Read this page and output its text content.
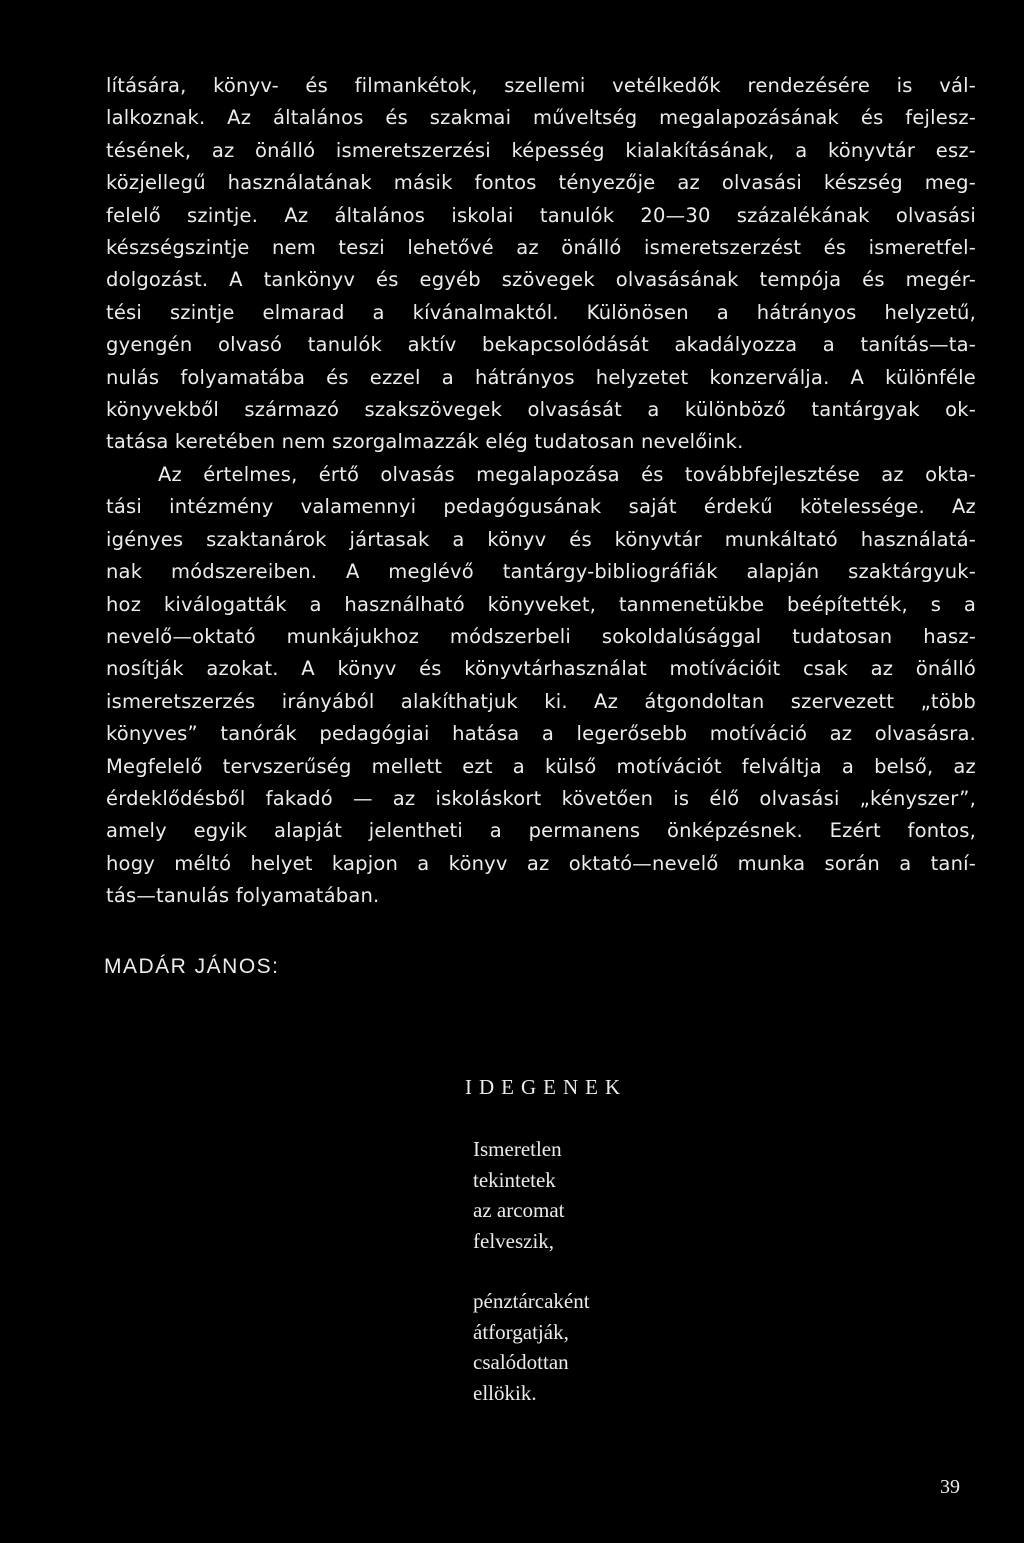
lítására, könyv- és filmankétok, szellemi vetélkedők rendezésére is vál-
lalkoznak. Az általános és szakmai műveltség megalapozásának és fejlesz-
tésének, az önálló ismeretszerzési képesség kialakításának, a könyvtár esz-
közjellegű használatának másik fontos tényezője az olvasási készség meg-
felelő szintje. Az általános iskolai tanulók 20—30 százalékának olvasási
készségszintje nem teszi lehetővé az önálló ismeretszerzést és ismeretfel-
dolgozást. A tankönyv és egyéb szövegek olvasásának tempója és megér-
tési szintje elmarad a kívánalmaktól. Különösen a hátrányos helyzetű,
gyengén olvasó tanulók aktív bekapcsolódását akadályozza a tanítás—ta-
nulás folyamatába és ezzel a hátrányos helyzetet konzerválja. A különféle
könyvekből származó szakszövegek olvasását a különböző tantárgyak ok-
tatása keretében nem szorgalmazzák elég tudatosan nevelőink.
Az értelmes, értő olvasás megalapozása és továbbfejlesztése az okta-
tási intézmény valamennyi pedagógusának saját érdekű kötelessége. Az
igényes szaktanárok jártasak a könyv és könyvtár munkáltató használatá-
nak módszereiben. A meglévő tantárgy-bibliográfiák alapján szaktárgyuk-
hoz kiválogatták a használható könyveket, tanmenetükbe beépítették, s a
nevelő—oktató munkájukhoz módszerbeli sokoldalúsággal tudatosan hasz-
nosítják azokat. A könyv és könyvtárhasználat motívációit csak az önálló
ismeretszerzés irányából alakíthatjuk ki. Az átgondoltan szervezett „több
könyves” tanórák pedagógiai hatása a legerősebb motíváció az olvasásra.
Megfelelő tervszerűség mellett ezt a külső motívációt felváltja a belső, az
érdeklődésből fakadó — az iskoláskort követően is élő olvasási „kényszer”,
amely egyik alapját jelentheti a permanens önképzésnek. Ezért fontos,
hogy méltó helyet kapjon a könyv az oktató—nevelő munka során a taní-
tás—tanulás folyamatában.
MADÁR JÁNOS:
IDEGENEK
Ismeretlen
tekintetek
az arcomat
felveszik,
pénztárcaként
átforgatják,
csalódottan
ellökik.
39
